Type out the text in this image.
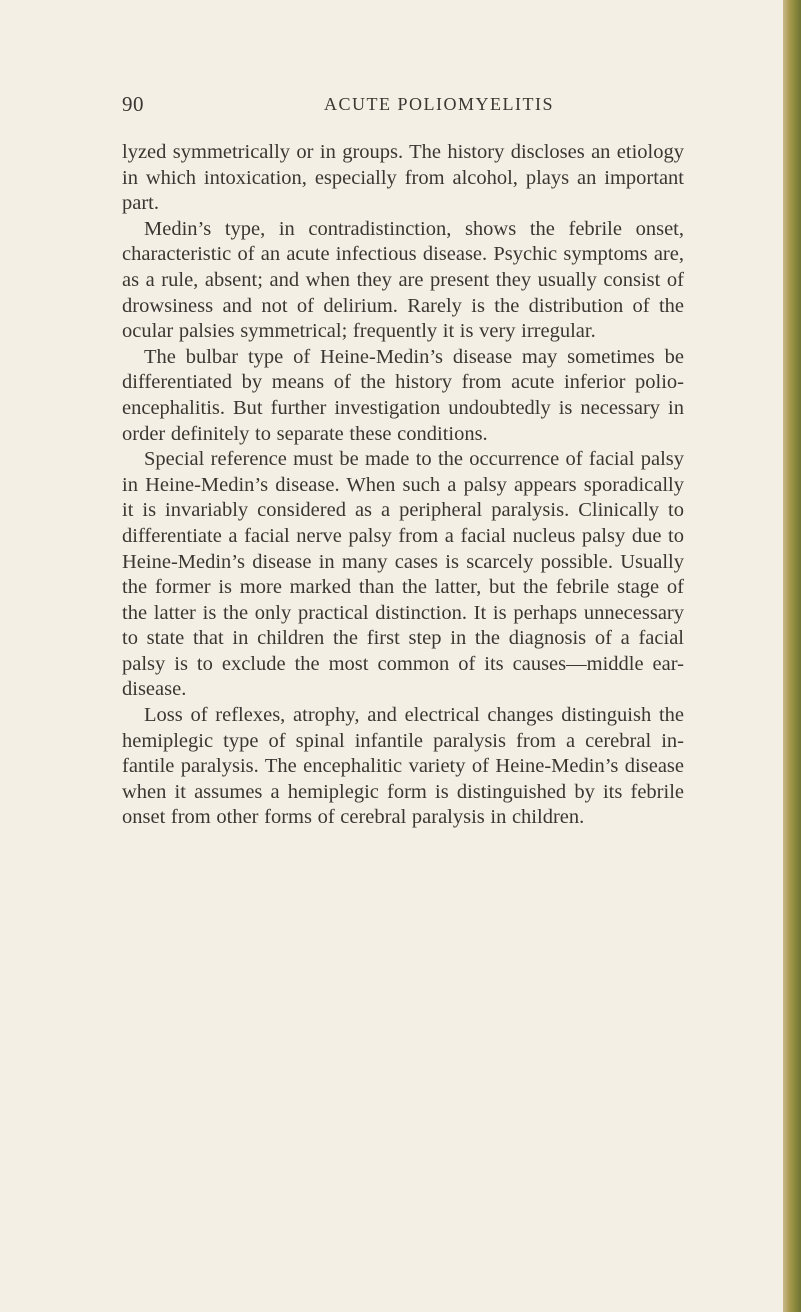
90	ACUTE POLIOMYELITIS

lyzed symmetrically or in groups. The history discloses an etiology in which intoxication, especially from alcohol, plays an important part.

Medin’s type, in contradistinction, shows the febrile onset, characteristic of an acute infectious disease. Psychic symptoms are, as a rule, absent; and when they are present they usually consist of drowsiness and not of delirium. Rarely is the distribution of the ocular palsies symmetrical; frequently it is very irregular.

The bulbar type of Heine-Medin’s disease may sometimes be differentiated by means of the history from acute inferior polioencephalitis. But further investigation undoubtedly is necessary in order definitely to separate these conditions.

Special reference must be made to the occurrence of facial palsy in Heine-Medin’s disease. When such a palsy appears sporadically it is invariably considered as a peripheral paralysis. Clinically to differentiate a facial nerve palsy from a facial nucleus palsy due to Heine-Medin’s disease in many cases is scarcely possible. Usually the former is more marked than the latter, but the febrile stage of the latter is the only practical distinction. It is perhaps unnecessary to state that in children the first step in the diagnosis of a facial palsy is to exclude the most common of its causes—middle ear-disease.

Loss of reflexes, atrophy, and electrical changes distinguish the hemiplegic type of spinal infantile paralysis from a cerebral infantile paralysis. The encephalitic variety of Heine-Medin’s disease when it assumes a hemiplegic form is distinguished by its febrile onset from other forms of cerebral paralysis in children.
